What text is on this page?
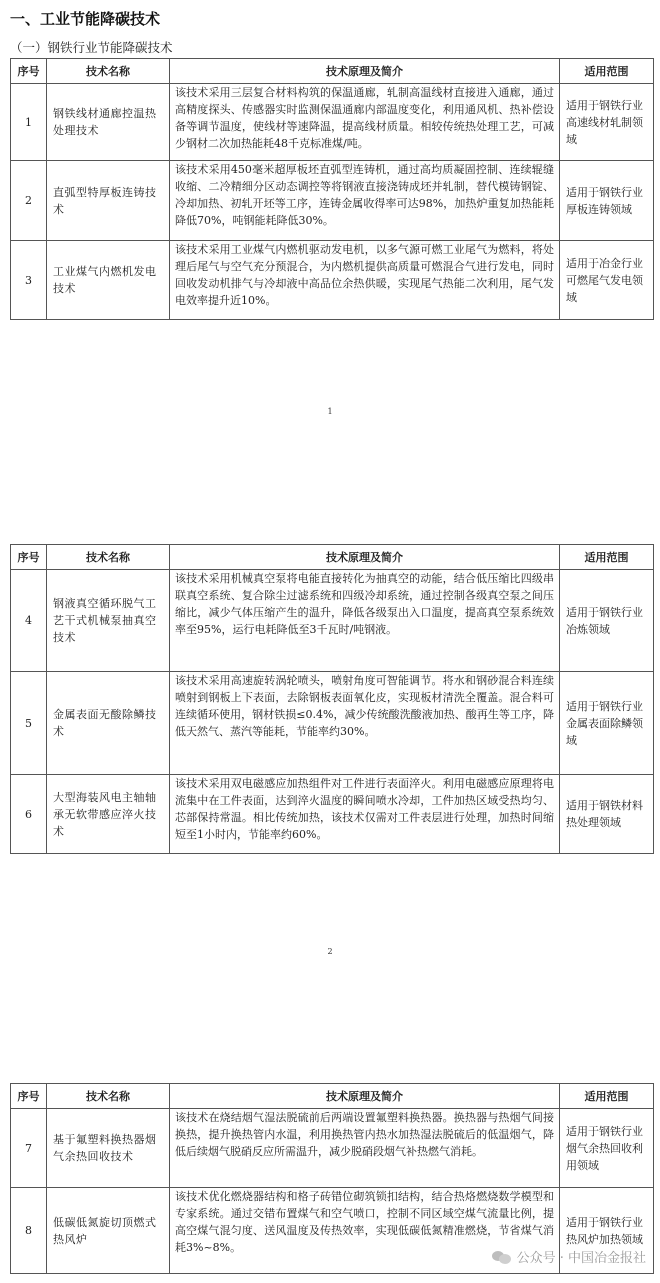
一、工业节能降碳技术
（一）钢铁行业节能降碳技术
序号	技术名称	技术原理及简介	适用范围
1	钢铁线材通廊控温热处理技术	该技术采用三层复合材料构筑的保温通廊，轧制高温线材直接进入通廊，通过高精度探头、传感器实时监测保温通廊内部温度变化，利用通风机、热补偿设备等调节温度，使线材等速降温，提高线材质量。相较传统热处理工艺，可减少钢材二次加热能耗48千克标准煤/吨。	适用于钢铁行业高速线材轧制领域
2	直弧型特厚板连铸技术	该技术采用450毫米超厚板坯直弧型连铸机，通过高均质凝固控制、连续辊缝收缩、二冷精细分区动态调控等将钢液直接浇铸成坯并轧制，替代模铸钢锭、冷却加热、初轧开坯等工序，连铸金属收得率可达98%，加热炉重复加热能耗降低70%，吨钢能耗降低30%。	适用于钢铁行业厚板连铸领域
3	工业煤气内燃机发电技术	该技术采用工业煤气内燃机驱动发电机，以多气源可燃工业尾气为燃料，将处理后尾气与空气充分预混合，为内燃机提供高质量可燃混合气进行发电，同时回收发动机排气与冷却液中高品位余热供暖，实现尾气热能二次利用，尾气发电效率提升近10%。	适用于冶金行业可燃尾气发电领域
1
序号	技术名称	技术原理及简介	适用范围
4	钢液真空循环脱气工艺干式机械泵抽真空技术	该技术采用机械真空泵将电能直接转化为抽真空的动能，结合低压缩比四级串联真空系统、复合除尘过滤系统和四级冷却系统，通过控制各级真空泵之间压缩比，减少气体压缩产生的温升，降低各级泵出入口温度，提高真空泵系统效率至95%，运行电耗降低至3千瓦时/吨钢液。	适用于钢铁行业冶炼领域
5	金属表面无酸除鳞技术	该技术采用高速旋转涡轮喷头，喷射角度可智能调节。将水和钢砂混合料连续喷射到钢板上下表面，去除钢板表面氧化皮，实现板材清洗全覆盖。混合料可连续循环使用，钢材铁损≤0.4%，减少传统酸洗酸液加热、酸再生等工序，降低天然气、蒸汽等能耗，节能率约30%。	适用于钢铁行业金属表面除鳞领域
6	大型海装风电主轴轴承无软带感应淬火技术	该技术采用双电磁感应加热组件对工件进行表面淬火。利用电磁感应原理将电流集中在工件表面，达到淬火温度的瞬间喷水冷却，工件加热区域受热均匀、芯部保持常温。相比传统加热，该技术仅需对工件表层进行处理，加热时间缩短至1小时内，节能率约60%。	适用于钢铁材料热处理领域
2
序号	技术名称	技术原理及简介	适用范围
7	基于氟塑料换热器烟气余热回收技术	该技术在烧结烟气湿法脱硫前后两端设置氟塑料换热器。换热器与热烟气间接换热，提升换热管内水温，利用换热管内热水加热湿法脱硫后的低温烟气，降低后续烟气脱硝反应所需温升，减少脱硝段烟气补热燃气消耗。	适用于钢铁行业烟气余热回收利用领域
8	低碳低氮旋切顶燃式热风炉	该技术优化燃烧器结构和格子砖错位砌筑锁扣结构，结合热烙燃烧数学模型和专家系统。通过交错布置煤气和空气喷口，控制不同区域空煤气流量比例，提高空煤气混匀度、送风温度及传热效率，实现低碳低氮精准燃烧，节省煤气消耗3%~8%。	适用于钢铁行业热风炉加热领域
公众号 · 中国冶金报社
